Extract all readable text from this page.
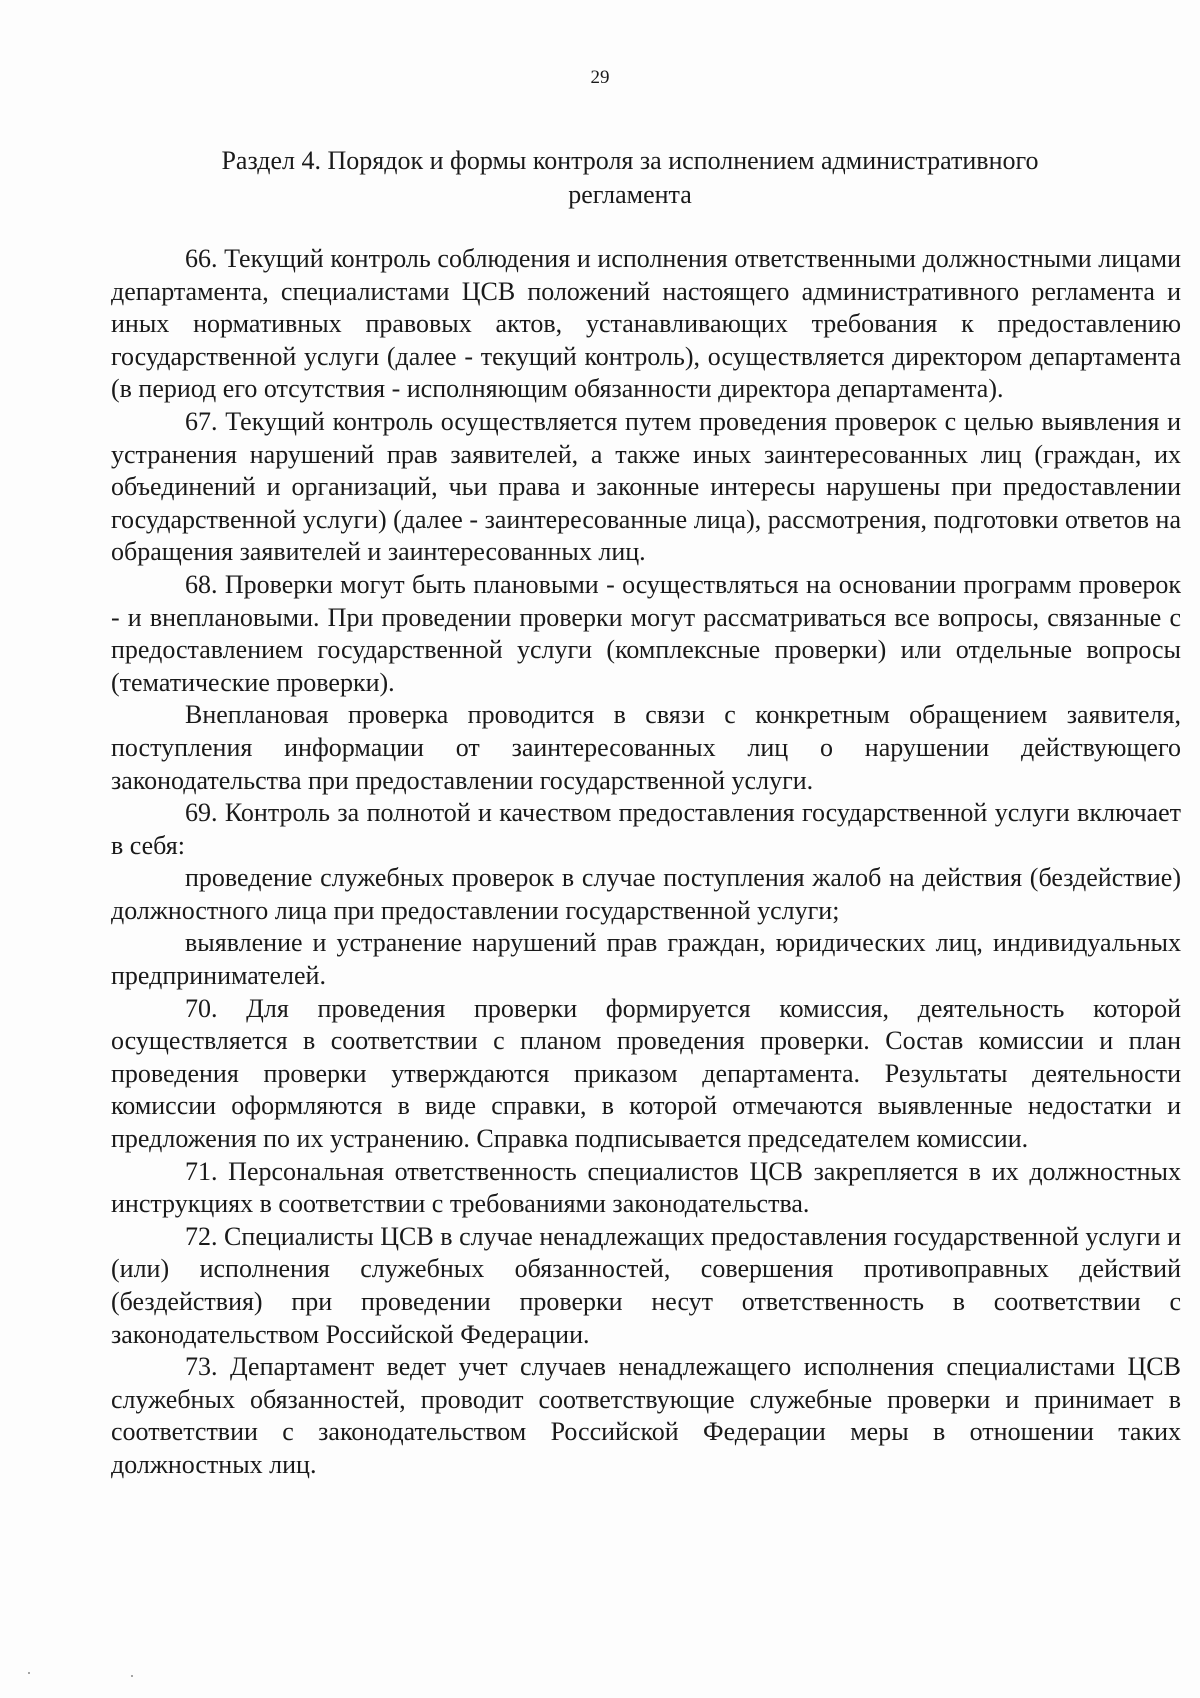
29
Раздел 4. Порядок и формы контроля за исполнением административного регламента

66. Текущий контроль соблюдения и исполнения ответственными должностными лицами департамента, специалистами ЦСВ положений настоящего административного регламента и иных нормативных правовых актов, устанавливающих требования к предоставлению государственной услуги (далее - текущий контроль), осуществляется директором департамента (в период его отсутствия - исполняющим обязанности директора департамента).

67. Текущий контроль осуществляется путем проведения проверок с целью выявления и устранения нарушений прав заявителей, а также иных заинтересованных лиц (граждан, их объединений и организаций, чьи права и законные интересы нарушены при предоставлении государственной услуги) (далее - заинтересованные лица), рассмотрения, подготовки ответов на обращения заявителей и заинтересованных лиц.

68. Проверки могут быть плановыми - осуществляться на основании программ проверок - и внеплановыми. При проведении проверки могут рассматриваться все вопросы, связанные с предоставлением государственной услуги (комплексные проверки) или отдельные вопросы (тематические проверки).

Внеплановая проверка проводится в связи с конкретным обращением заявителя, поступления информации от заинтересованных лиц о нарушении действующего законодательства при предоставлении государственной услуги.

69. Контроль за полнотой и качеством предоставления государственной услуги включает в себя:

проведение служебных проверок в случае поступления жалоб на действия (бездействие) должностного лица при предоставлении государственной услуги;

выявление и устранение нарушений прав граждан, юридических лиц, индивидуальных предпринимателей.

70. Для проведения проверки формируется комиссия, деятельность которой осуществляется в соответствии с планом проведения проверки. Состав комиссии и план проведения проверки утверждаются приказом департамента. Результаты деятельности комиссии оформляются в виде справки, в которой отмечаются выявленные недостатки и предложения по их устранению. Справка подписывается председателем комиссии.

71. Персональная ответственность специалистов ЦСВ закрепляется в их должностных инструкциях в соответствии с требованиями законодательства.

72. Специалисты ЦСВ в случае ненадлежащих предоставления государственной услуги и (или) исполнения служебных обязанностей, совершения противоправных действий (бездействия) при проведении проверки несут ответственность в соответствии с законодательством Российской Федерации.

73. Департамент ведет учет случаев ненадлежащего исполнения специалистами ЦСВ служебных обязанностей, проводит соответствующие служебные проверки и принимает в соответствии с законодательством Российской Федерации меры в отношении таких должностных лиц.
